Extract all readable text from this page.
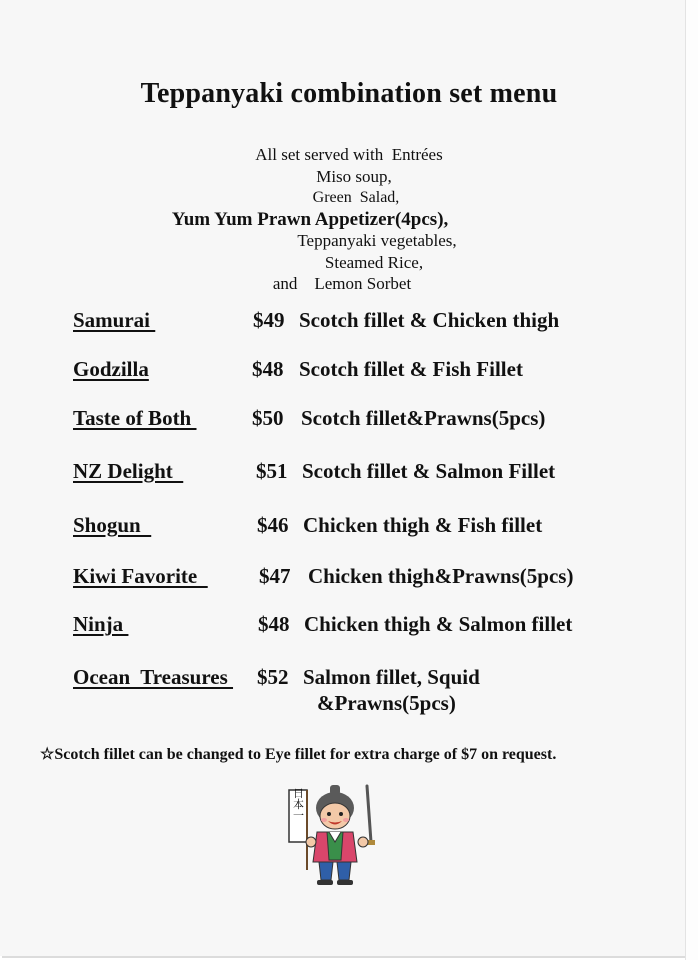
Teppanyaki combination set menu
All set served with  Entrées
Miso soup,
Green  Salad,
Yum Yum Prawn Appetizer(4pcs),
Teppanyaki vegetables,
Steamed Rice,
and    Lemon Sorbet
Samurai	$49 Scotch fillet & Chicken thigh
Godzilla	$48 Scotch fillet & Fish Fillet
Taste of Both	$50 Scotch fillet&Prawns(5pcs)
NZ Delight	$51 Scotch fillet & Salmon Fillet
Shogun	$46 Chicken thigh & Fish fillet
Kiwi Favorite $47 Chicken thigh&Prawns(5pcs)
Ninja	$48 Chicken thigh & Salmon fillet
Ocean  Treasures $52 Salmon fillet, Squid
&Prawns(5pcs)
☆Scotch fillet can be changed to Eye fillet for extra charge of $7 on request.
日本一
